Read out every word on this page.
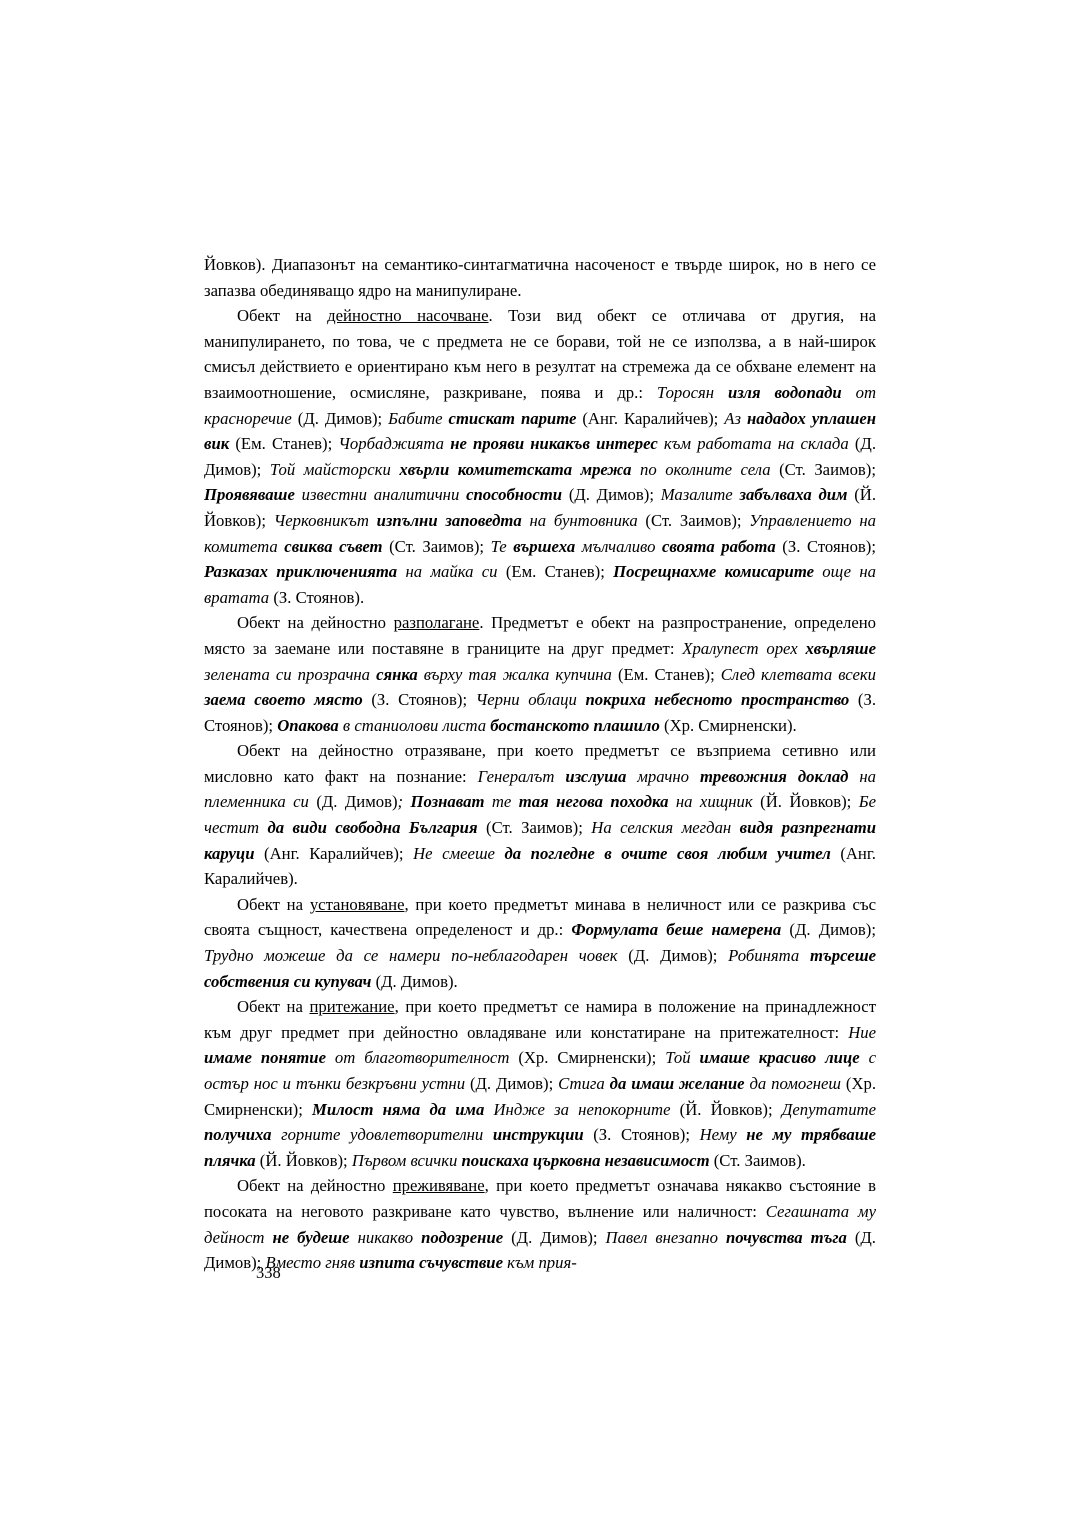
Йовков). Диапазонът на семантико-синтагматична насоченост е твърде широк, но в него се запазва обединяващо ядро на манипулиране.

Обект на дейностно насочване. Този вид обект се отличава от другия, на манипулирането, по това, че с предмета не се борави, той не се използва, а в най-широк смисъл действието е ориентирано към него в резултат на стремежа да се обхване елемент на взаимоотношение, осмисляне, разкриване, поява и др.: Торосян изля водопади от красноречие (Д. Димов); Бабите стискат парите (Анг. Каралийчев); Аз нададох уплашен вик (Ем. Станев); Чорбаджията не прояви никакъв интерес към работата на склада (Д. Димов); Той майсторски хвърли комитетската мрежа по околните села (Ст. Заимов); Проявяваше известни аналитични способности (Д. Димов); Мазалите забълваха дим (Й. Йовков); Черковникът изпълни заповедта на бунтовника (Ст. Заимов); Управлението на комитета свиква съвет (Ст. Заимов); Те вършеха мълчаливо своята работа (З. Стоянов); Разказах приключенията на майка си (Ем. Станев); Посрещнахме комисарите още на вратата (З. Стоянов).

Обект на дейностно разполагане. Предметът е обект на разпространение, определено място за заемане или поставяне в границите на друг предмет: Хралупест орех хвърляше зелената си прозрачна сянка върху тая жалка купчина (Ем. Станев); След клетвата всеки заема своето място (З. Стоянов); Черни облаци покриха небесното пространство (З. Стоянов); Опакова в станиолови листа бостанското плашило (Хр. Смирненски).

Обект на дейностно отразяване, при което предметът се възприема сетивно или мисловно като факт на познание: Генералът изслуша мрачно тревожния доклад на племенника си (Д. Димов); Познават те тая негова походка на хищник (Й. Йовков); Бе честит да види свободна България (Ст. Заимов); На селския мегдан видя разпрегнати каруци (Анг. Каралийчев); Не смееше да погледне в очите своя любим учител (Анг. Каралийчев).

Обект на установяване, при което предметът минава в неличност или се разкрива със своята същност, качествена определеност и др.: Формулата беше намерена (Д. Димов); Трудно можеше да се намери по-неблагодарен човек (Д. Димов); Робинята търсеше собствения си купувач (Д. Димов).

Обект на притежание, при което предметът се намира в положение на принадлежност към друг предмет при дейностно овладяване или констатиране на притежателност: Ние имаме понятие от благотворителност (Хр. Смирненски); Той имаше красиво лице с остър нос и тънки безкръвни устни (Д. Димов); Стига да имаш желание да помогнеш (Хр. Смирненски); Милост няма да има Индже за непокорните (Й. Йовков); Депутатите получиха горните удовлетворителни инструкции (З. Стоянов); Нему не му трябваше плячка (Й. Йовков); Първом всички поискаха църковна независимост (Ст. Заимов).

Обект на дейностно преживяване, при което предметът означава някакво състояние в посоката на неговото разкриване като чувство, вълнение или наличност: Сегашната му дейност не будеше никакво подозрение (Д. Димов); Павел внезапно почувства тъга (Д. Димов); Вместо гняв изпита съчувствие към прия-

338
